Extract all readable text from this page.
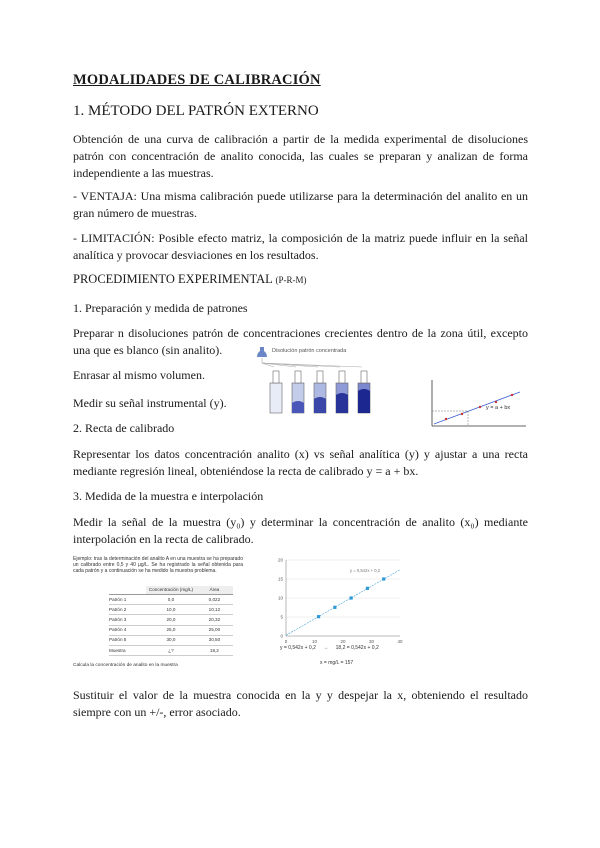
MODALIDADES DE CALIBRACIÓN
1. MÉTODO DEL PATRÓN EXTERNO
Obtención de una curva de calibración a partir de la medida experimental de disoluciones patrón con concentración de analito conocida, las cuales se preparan y analizan de forma independiente a las muestras.
- VENTAJA: Una misma calibración puede utilizarse para la determinación del analito en un gran número de muestras.
- LIMITACIÓN: Posible efecto matriz, la composición de la matriz puede influir en la señal analítica y provocar desviaciones en los resultados.
PROCEDIMIENTO EXPERIMENTAL (P-R-M)
1. Preparación y medida de patrones
Preparar n disoluciones patrón de concentraciones crecientes dentro de la zona útil, excepto una que es blanco (sin analito).
Enrasar al mismo volumen.
Medir su señal instrumental (y).
Disolución patrón concentrada
y = a + bx
2. Recta de calibrado
Representar los datos concentración analito (x) vs señal analítica (y) y ajustar a una recta mediante regresión lineal, obteniéndose la recta de calibrado y = a + bx.
3. Medida de la muestra e interpolación
Medir la señal de la muestra (y₀) y determinar la concentración de analito (x₀) mediante interpolación en la recta de calibrado.
Ejemplo: tras la determinación del analito A en una muestra se ha preparado un calibrado entre 0,5 y 40 µg/L. Se ha registrado la señal obtenida para cada patrón y a continuación se ha medido la muestra problema.
	Concentración (mg/L)	Área
Patrón 1	0,0	0,022
Patrón 2	10,0	10,12
Patrón 3	20,0	20,32
Patrón 4	25,0	25,00
Patrón 5	30,0	30,50
Muestra	¿?	18,2
Calcula la concentración de analito en la muestra
0
5
10
15
20
0	10	20	30	40
y = 0,542x + 0,2
y = 0,542x + 0,2 → 18,2 = 0,542x + 0,2
x = mg/L = 157
Sustituir el valor de la muestra conocida en la y y despejar la x, obteniendo el resultado siempre con un +/-, error asociado.
